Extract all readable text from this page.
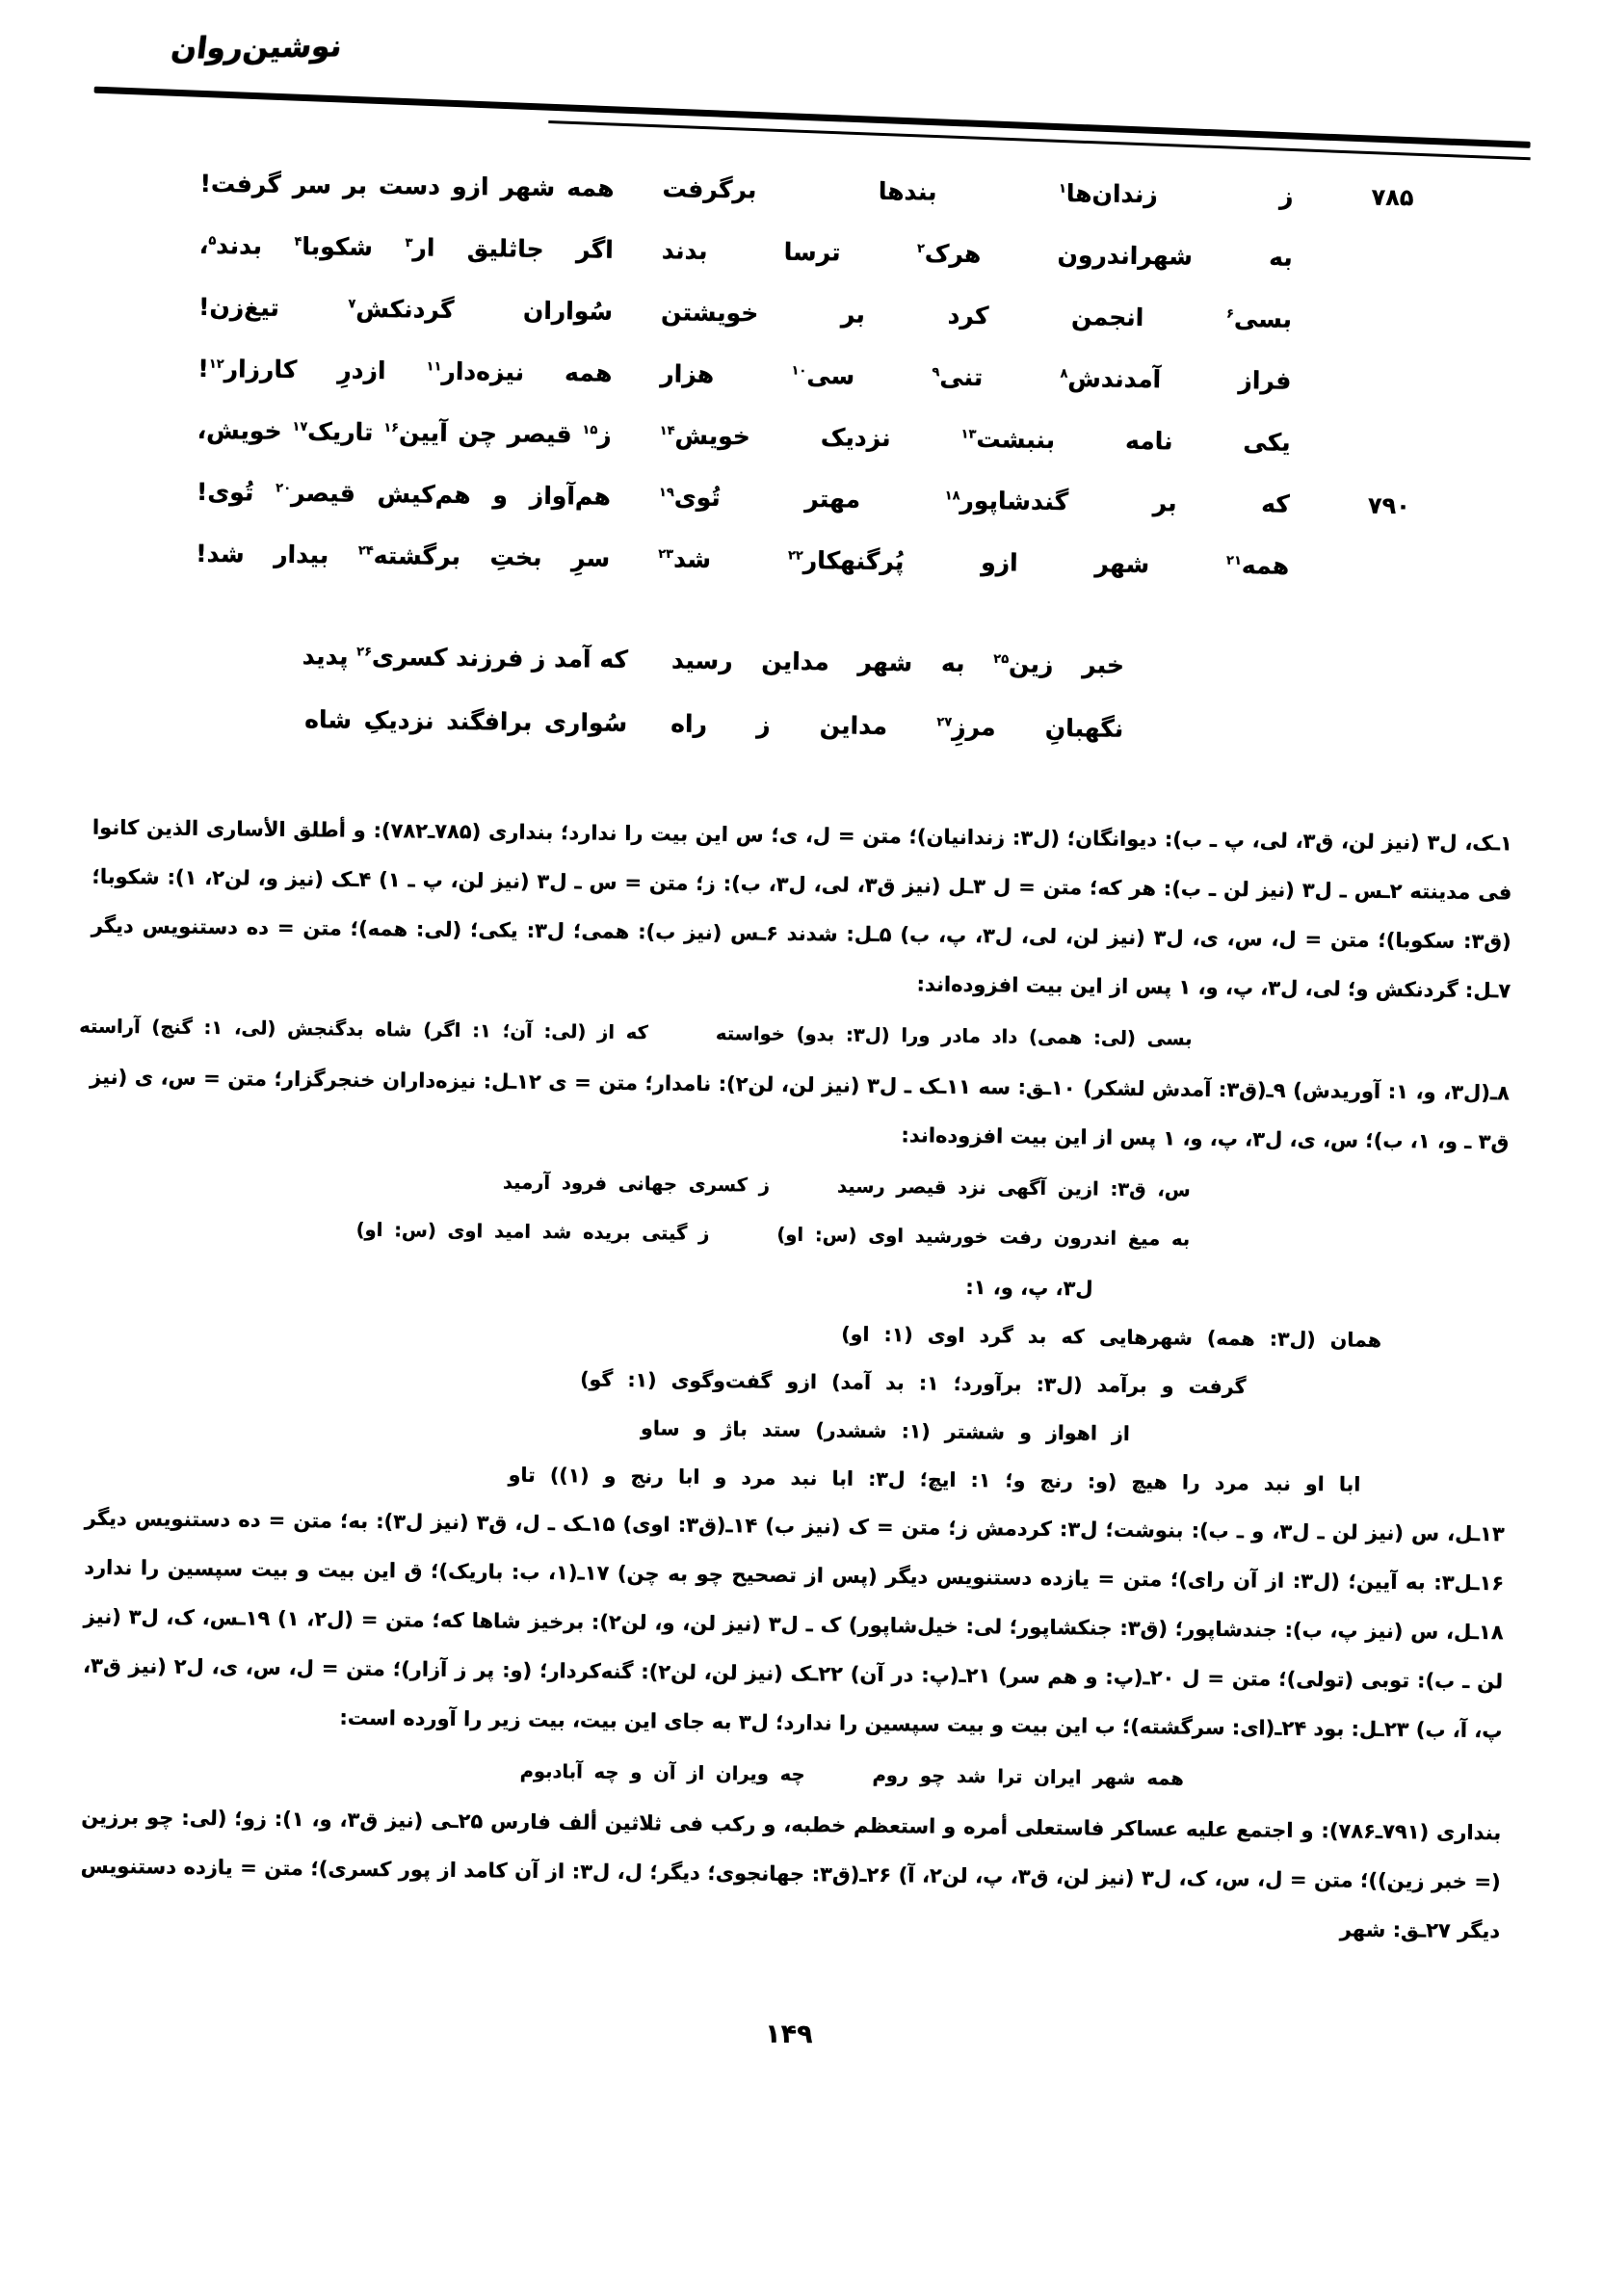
نوشین‌روان
۷۸۵
ز زندان‌ها$^۱$ بندها برگرفت
همه شهر ازو دست بر سر گرفت!
به شهراندرون هرک$^۲$ ترسا بدند
اگر جاثلیق ار$^۳$ شکوبا$^۴$ بدند$^۵$،
بسی$^۶$ انجمن کرد بر خویشتن
سُواران گردنکش$^۷$ تیغ‌زن!
فراز آمدندش$^۸$ تنی$^۹$ سی$^{۱۰}$ هزار
همه نیزه‌دار$^{۱۱}$ ازدرِ کارزار$^{۱۲}$!
یکی نامه بنبشت$^{۱۳}$ نزدیک خویش$^{۱۴}$
ز$^{۱۵}$ قیصر چن آیین$^{۱۶}$ تاریک$^{۱۷}$ خویش،
۷۹۰
که بر گندشاپور$^{۱۸}$ مهتر تُوی$^{۱۹}$
هم‌آواز و هم‌کیش قیصر$^{۲۰}$ تُوی!
همه$^{۲۱}$ شهر ازو پُرگنهکار$^{۲۲}$ شد$^{۲۳}$
سرِ بختِ برگشته$^{۲۴}$ بیدار شد!
خبر زین$^{۲۵}$ به شهر مداین رسید
که آمد ز فرزند کسری$^{۲۶}$ پدید
نگهبانِ مرزِ$^{۲۷}$ مداین ز راه
سُواری برافگند نزدیکِ شاه

۱ـک، ل۳ (نیز لن، ق۳، لی، پ ـ ب): دیوانگان؛ (ل۳: زندانیان)؛ متن = ل، ی؛ س این بیت را ندارد؛ بنداری (۷۸۵ـ۷۸۲): و أطلق الأساری الذین کانوا فی مدینته ۲ـس ـ ل۳ (نیز لن ـ ب): هر که؛ متن = ل ۳ـل (نیز ق۳، لی، ل۳، ب): ز؛ متن = س ـ ل۳ (نیز لن، پ ـ ۱) ۴ـک (نیز و، لن۲، ۱): شکوبا؛ (ق۳: سکوبا)؛ متن = ل، س، ی، ل۳ (نیز لن، لی، ل۳، پ، ب) ۵ـل: شدند ۶ـس (نیز ب): همی؛ ل۳: یکی؛ (لی: همه)؛ متن = ده دستنویس دیگر ۷ـل: گردنکش و؛ لی، ل۳، پ، و، ۱ پس از این بیت افزوده‌اند:

بسی (لی: همی) داد مادر ورا (ل۳: بدو) خواسته
که از (لی: آن؛ ۱: اگر) شاه بدگنجش (لی، ۱: گنج) آراسته

۸ـ(ل۳، و، ۱: آوریدش) ۹ـ(ق۳: آمدش لشکر) ۱۰ـق: سه ۱۱ـک ـ ل۳ (نیز لن، لن۲): نامدار؛ متن = ی ۱۲ـل: نیزه‌داران خنجرگزار؛ متن = س، ی (نیز ق۳ ـ و، ۱، ب)؛ س، ی، ل۳، پ، و، ۱ پس از این بیت افزوده‌اند:

س، ق۳: ازین آگهی نزد قیصر رسید
ز کسری جهانی فرود آرمید
به میغ اندرون رفت خورشید اوی (س: او)
ز گیتی بریده شد امید اوی (س: او)
ل۳، پ، و، ۱:
همان (ل۳: همه) شهرهایی که بد گرد اوی (۱: او)
گرفت و برآمد (ل۳: برآورد؛ ۱: بد آمد) ازو گفت‌وگوی (۱: گو)
از اهواز و ششتر (۱: ششدر) ستد باژ و ساو
ابا او نبد مرد را هیچ (و: رنج و؛ ۱: ایچ؛ ل۳: ابا نبد مرد و ابا رنج و (۱)) تاو

۱۳ـل، س (نیز لن ـ ل۳، و ـ ب): بنوشت؛ ل۳: کردمش ز؛ متن = ک (نیز ب) ۱۴ـ(ق۳: اوی) ۱۵ـک ـ ل، ق۳ (نیز ل۳): به؛ متن = ده دستنویس دیگر ۱۶ـل۳: به آیین؛ (ل۳: از آن رای)؛ متن = یازده دستنویس دیگر (پس از تصحیح چو به چن) ۱۷ـ(۱، ب: باریک)؛ ق این بیت و بیت سپسین را ندارد ۱۸ـل، س (نیز پ، ب): جندشاپور؛ (ق۳: جنکشاپور؛ لی: خیل‌شاپور) ک ـ ل۳ (نیز لن، و، لن۲): برخیز شاها که؛ متن = (ل۲، ۱) ۱۹ـس، ک، ل۳ (نیز لن ـ ب): توبی (تولی)؛ متن = ل ۲۰ـ(پ: و هم سر) ۲۱ـ(پ: در آن) ۲۲ـک (نیز لن، لن۲): گنه‌کردار؛ (و: پر ز آزار)؛ متن = ل، س، ی، ل۲ (نیز ق۳، پ، آ، ب) ۲۳ـل: بود ۲۴ـ(ای: سرگشته)؛ ب این بیت و بیت سپسین را ندارد؛ ل۳ به جای این بیت، بیت زیر را آورده است:

همه شهر ایران ترا شد چو روم
چه ویران از آن و چه آبادبوم

بنداری (۷۹۱ـ۷۸۶): و اجتمع علیه عساکر فاستعلی أمره و استعظم خطبه، و رکب فی ثلاثین ألف فارس ۲۵ـی (نیز ق۳، و، ۱): زو؛ (لی: چو برزین (= خبر زین))؛ متن = ل، س، ک، ل۳ (نیز لن، ق۳، پ، لن۲، آ) ۲۶ـ(ق۳: جهانجوی؛ دیگر؛ ل، ل۳: از آن کامد از پور کسری)؛ متن = یازده دستنویس دیگر ۲۷ـق: شهر

۱۴۹
